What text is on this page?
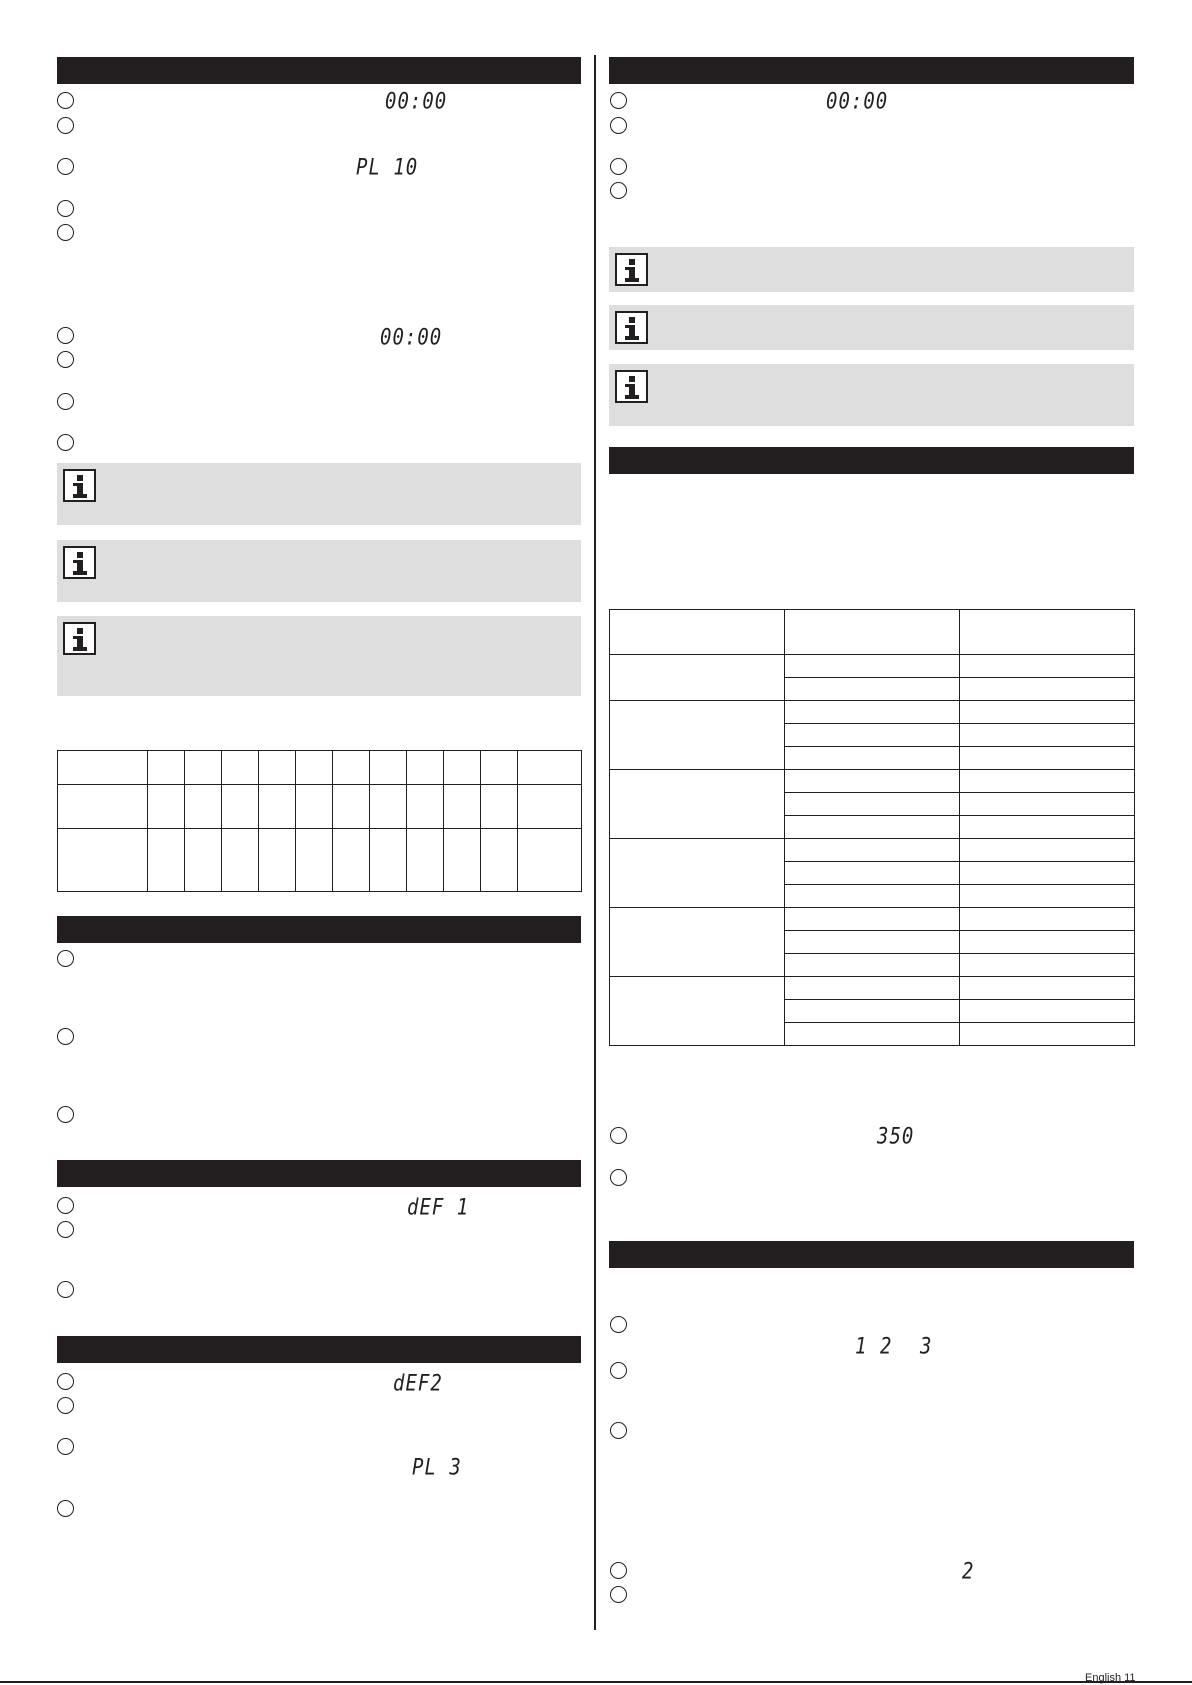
00:00
PL 10
00:00

dEF 1
dEF2
PL 3
00:00

350
1 2 3
2
English 11
